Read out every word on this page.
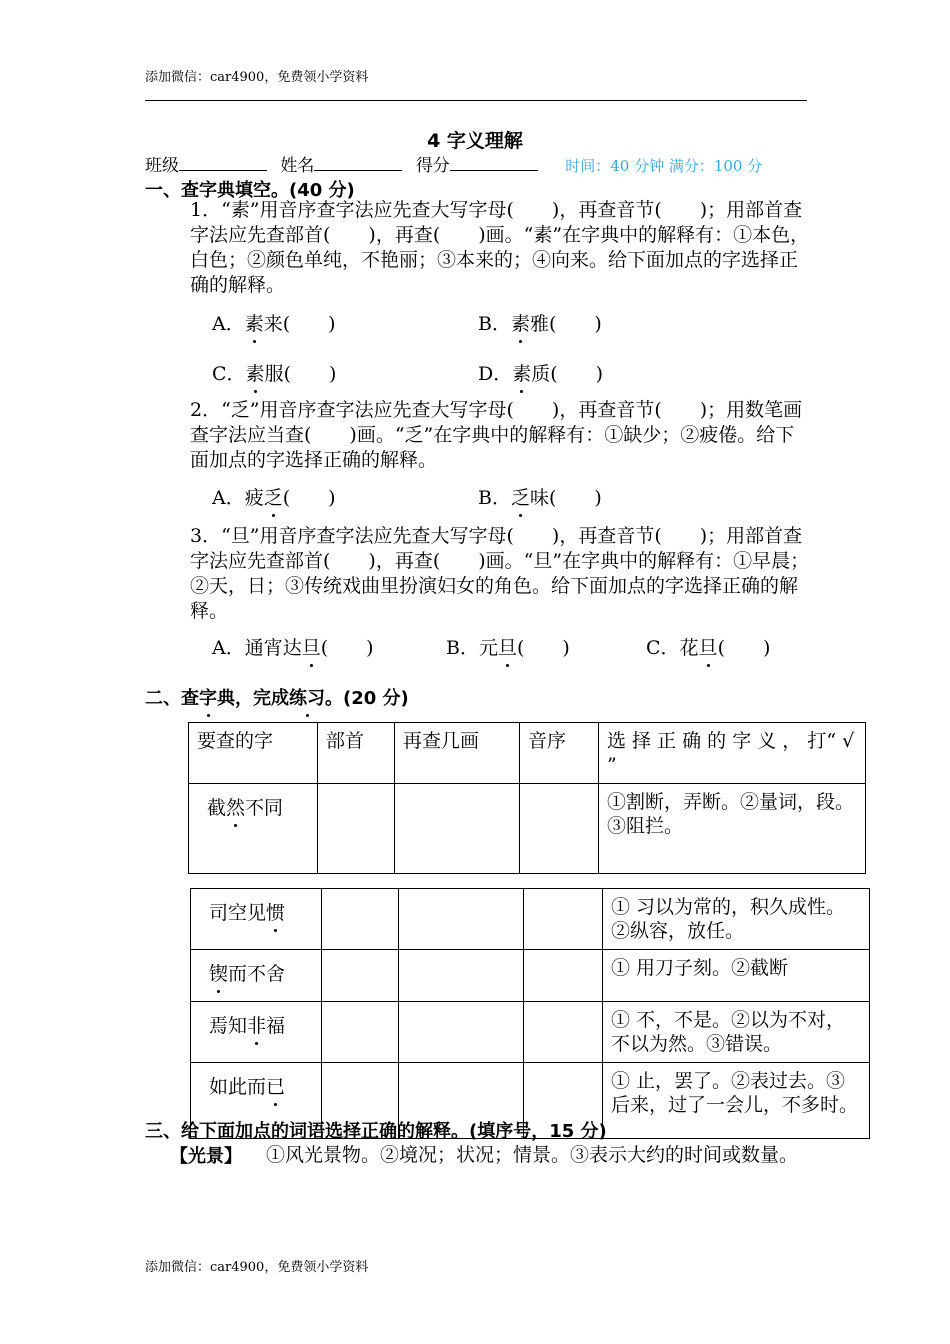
添加微信：car4900，免费领小学资料
4 字义理解
班级	姓名	得分	时间：40 分钟 满分：100 分
一、查字典填空。(40 分)
1．“素”用音序查字法应先查大写字母(　　)，再查音节(　　)；用部首查字法应先查部首(　　)，再查(　　)画。“素”在字典中的解释有：①本色，白色；②颜色单纯，不艳丽；③本来的；④向来。给下面加点的字选择正确的解释。
A．素来(　　)	B．素雅(　　)
C．素服(　　)	D．素质(　　)
2．“乏”用音序查字法应先查大写字母(　　)，再查音节(　　)；用数笔画查字法应当查(　　)画。“乏”在字典中的解释有：①缺少；②疲倦。给下面加点的字选择正确的解释。
A．疲乏(　　)	B．乏味(　　)
3．“旦”用音序查字法应先查大写字母(　　)，再查音节(　　)；用部首查字法应先查部首(　　)，再查(　　)画。“旦”在字典中的解释有：①早晨；②天，日；③传统戏曲里扮演妇女的角色。给下面加点的字选择正确的解释。
A．通宵达旦(　　)	B．元旦(　　)	C．花旦(　　)
二、查字典，完成练习。(20 分)
要查的字	部首	再查几画	音序	选 择 正 确 的 字 义 ， 打“ √ ”
截然不同				①割断，弄断。②量词，段。③阻拦。
司空见惯				① 习以为常的，积久成性。②纵容，放任。
锲而不舍				① 用刀子刻。②截断
焉知非福				① 不，不是。②以为不对，不以为然。③错误。
如此而已				① 止，罢了。②表过去。③后来，过了一会儿，不多时。
三、给下面加点的词语选择正确的解释。(填序号，15 分)
【光景】 ①风光景物。②境况；状况；情景。③表示大约的时间或数量。
添加微信：car4900，免费领小学资料
